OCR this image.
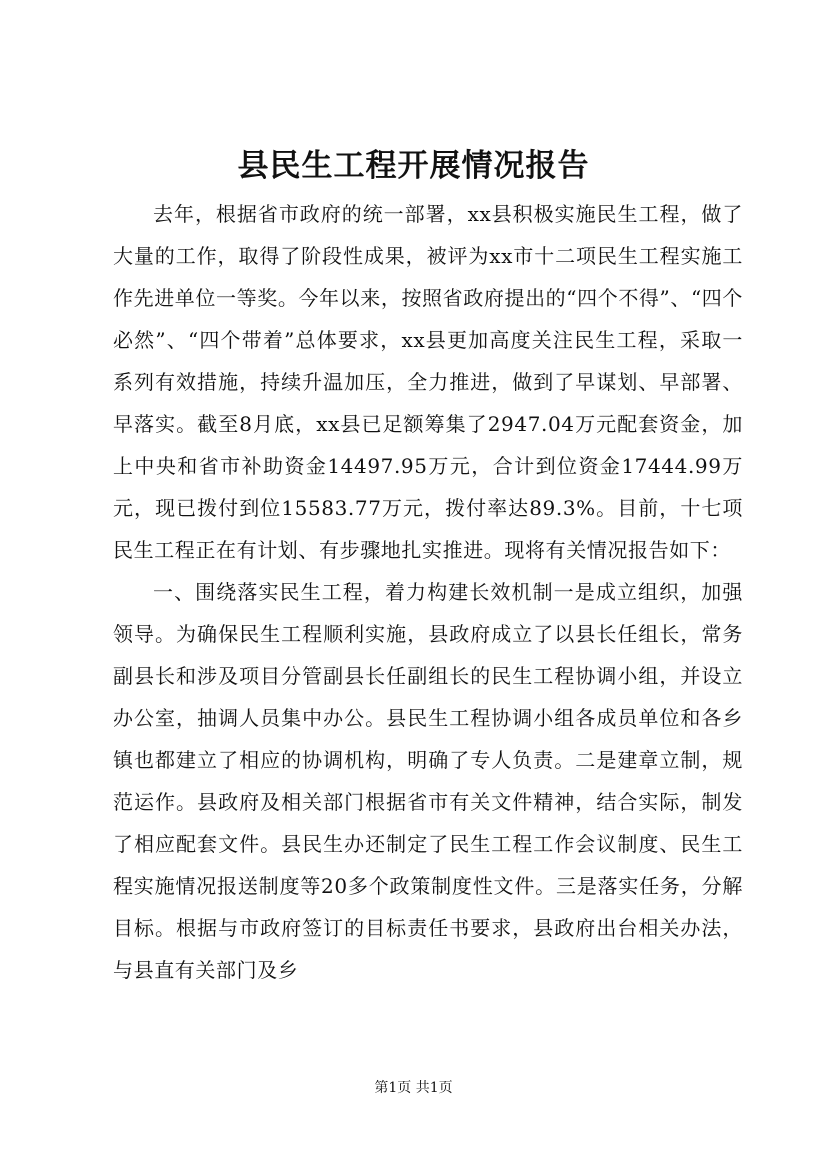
县民生工程开展情况报告

去年，根据省市政府的统一部署，xx县积极实施民生工程，做了大量的工作，取得了阶段性成果，被评为xx市十二项民生工程实施工作先进单位一等奖。今年以来，按照省政府提出的“四个不得”、“四个必然”、“四个带着”总体要求，xx县更加高度关注民生工程，采取一系列有效措施，持续升温加压，全力推进，做到了早谋划、早部署、早落实。截至8月底，xx县已足额筹集了2947.04万元配套资金，加上中央和省市补助资金14497.95万元，合计到位资金17444.99万元，现已拨付到位15583.77万元，拨付率达89.3%。目前，十七项民生工程正在有计划、有步骤地扎实推进。现将有关情况报告如下：

一、围绕落实民生工程，着力构建长效机制一是成立组织，加强领导。为确保民生工程顺利实施，县政府成立了以县长任组长，常务副县长和涉及项目分管副县长任副组长的民生工程协调小组，并设立办公室，抽调人员集中办公。县民生工程协调小组各成员单位和各乡镇也都建立了相应的协调机构，明确了专人负责。二是建章立制，规范运作。县政府及相关部门根据省市有关文件精神，结合实际，制发了相应配套文件。县民生办还制定了民生工程工作会议制度、民生工程实施情况报送制度等20多个政策制度性文件。三是落实任务，分解目标。根据与市政府签订的目标责任书要求，县政府出台相关办法，与县直有关部门及乡

第1页 共1页
